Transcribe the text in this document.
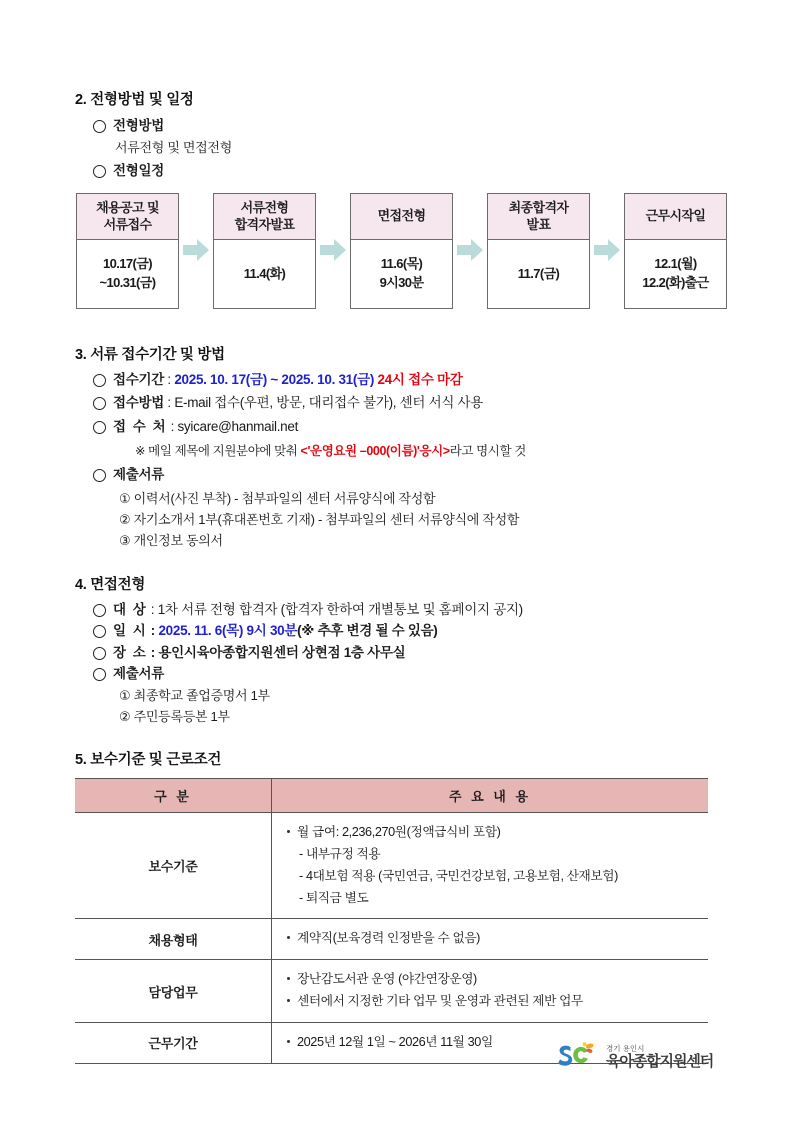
2. 전형방법 및 일정
전형방법
서류전형 및 면접전형
전형일정
채용공고 및
서류접수
10.17(금)
~10.31(금)
서류전형
합격자발표
11.4(화)
면접전형
11.6(목)
9시30분
최종합격자
발표
11.7(금)
근무시작일
12.1(월)
12.2(화)출근
3. 서류 접수기간 및 방법
접수기간 : 2025. 10. 17(금) ~ 2025. 10. 31(금) 24시 접수 마감
접수방법 : E-mail 접수(우편, 방문, 대리접수 불가), 센터 서식 사용
접 수 처 : syicare@hanmail.net
※ 메일 제목에 지원분야에 맞춰 <'운영요원 –000(이름)'응시>라고 명시할 것
제출서류
① 이력서(사진 부착) - 첨부파일의 센터 서류양식에 작성함
② 자기소개서 1부(휴대폰번호 기재) - 첨부파일의 센터 서류양식에 작성함
③ 개인정보 동의서
4. 면접전형
대 상 : 1차 서류 전형 합격자 (합격자 한하여 개별통보 및 홈페이지 공지)
일 시 : 2025. 11. 6(목) 9시 30분(※ 추후 변경 될 수 있음)
장 소 : 용인시육아종합지원센터 상현점 1층 사무실
제출서류
① 최종학교 졸업증명서 1부
② 주민등록등본 1부
5. 보수기준 및 근로조건
구 분	주 요 내 용
보수기준	월 급여: 2,236,270원(정액급식비 포함)
- 내부규정 적용
- 4대보험 적용 (국민연금, 국민건강보험, 고용보험, 산재보험)
- 퇴직금 별도

채용형태	계약직(보육경력 인정받을 수 없음)

담당업무	장난감도서관 운영 (야간연장운영)
센터에서 지정한 기타 업무 및 운영과 관련된 제반 업무

근무기간	2025년 12월 1일 ~ 2026년 11월 30일	경기 용인시
육아종합지원센터
